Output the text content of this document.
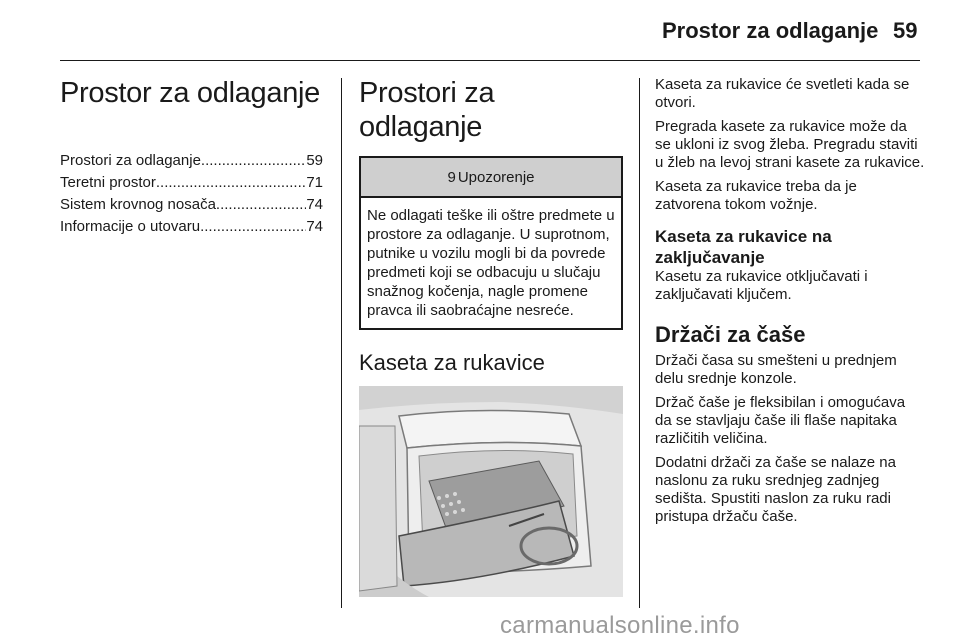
Prostor za odlaganje 59
Prostor za odlaganje
Prostori za odlaganje .....	59
Teretni prostor .....	71
Sistem krovnog nosača .....	74
Informacije o utovaru .....	74
Prostori za odlaganje
9 Upozorenje
Ne odlagati teške ili oštre predmete u prostore za odlaganje. U suprotnom, putnike u vozilu mogli bi da povrede predmeti koji se odbacuju u slučaju snažnog kočenja, nagle promene pravca ili saobraćajne nesreće.
Kaseta za rukavice

Kaseta za rukavice će svetleti kada se otvori.

Pregrada kasete za rukavice može da se ukloni iz svog žleba. Pregradu staviti u žleb na levoj strani kasete za rukavice.

Kaseta za rukavice treba da je zatvorena tokom vožnje.

Kaseta za rukavice na zaključavanje

Kasetu za rukavice otključavati i zaključavati ključem.

Držači za čaše

Držači časa su smešteni u prednjem delu srednje konzole.

Držač čaše je fleksibilan i omogućava da se stavljaju čaše ili flaše napitaka različitih veličina.

Dodatni držači za čaše se nalaze na naslonu za ruku srednjeg zadnjeg sedišta. Spustiti naslon za ruku radi pristupa držaču čaše.

carmanualsonline.info
